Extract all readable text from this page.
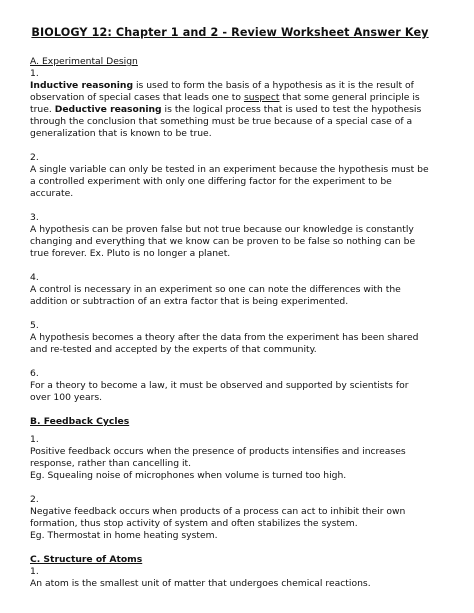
BIOLOGY 12: Chapter 1 and 2 - Review Worksheet Answer Key

A. Experimental Design

1.

Inductive reasoning is used to form the basis of a hypothesis as it is the result of observation of special cases that leads one to suspect that some general principle is true. Deductive reasoning is the logical process that is used to test the hypothesis through the conclusion that something must be true because of a special case of a generalization that is known to be true.

2.

A single variable can only be tested in an experiment because the hypothesis must be a controlled experiment with only one differing factor for the experiment to be accurate.

3.

A hypothesis can be proven false but not true because our knowledge is constantly changing and everything that we know can be proven to be false so nothing can be true forever. Ex. Pluto is no longer a planet.

4.

A control is necessary in an experiment so one can note the differences with the addition or subtraction of an extra factor that is being experimented.

5.

A hypothesis becomes a theory after the data from the experiment has been shared and re-tested and accepted by the experts of that community.

6.

For a theory to become a law, it must be observed and supported by scientists for over 100 years.

B. Feedback Cycles

1.

Positive feedback occurs when the presence of products intensifies and increases response, rather than cancelling it.

Eg. Squealing noise of microphones when volume is turned too high.

2.

Negative feedback occurs when products of a process can act to inhibit their own formation, thus stop activity of system and often stabilizes the system.

Eg. Thermostat in home heating system.

C. Structure of Atoms

1.

An atom is the smallest unit of matter that undergoes chemical reactions.
